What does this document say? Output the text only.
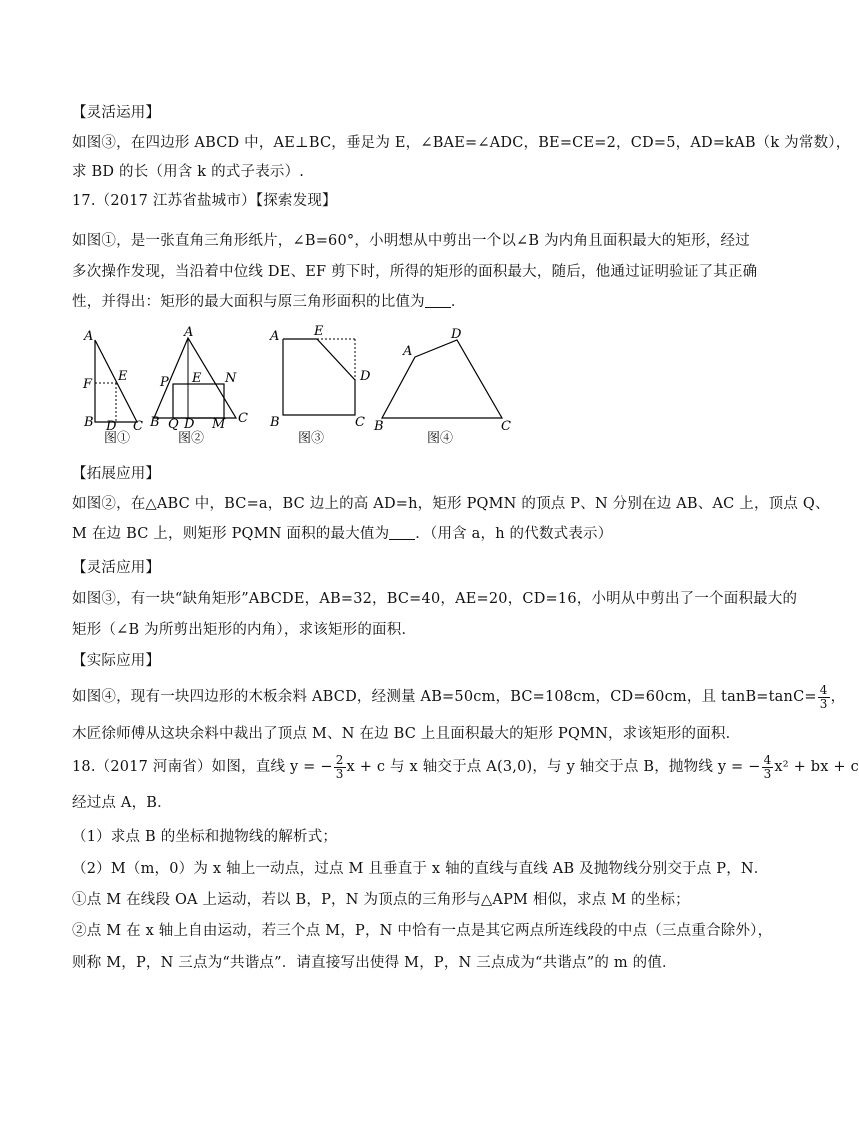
【灵活运用】
如图③，在四边形 ABCD 中，AE⊥BC，垂足为 E，∠BAE=∠ADC，BE=CE=2，CD=5，AD=kAB（k 为常数），
求 BD 的长（用含 k 的式子表示）.
17.（2017 江苏省盐城市）【探索发现】
如图①，是一张直角三角形纸片，∠B=60°，小明想从中剪出一个以∠B 为内角且面积最大的矩形，经过
多次操作发现，当沿着中位线 DE、EF 剪下时，所得的矩形的面积最大，随后，他通过证明验证了其正确
性，并得出：矩形的最大面积与原三角形面积的比值为 ．
A
F
E
B D C
A
P E N
B Q D M C
A	E
D
B	C
A
D
B	C
图①	图②	图③	图④
【拓展应用】
如图②，在△ABC 中，BC=a，BC 边上的高 AD=h，矩形 PQMN 的顶点 P、N 分别在边 AB、AC 上，顶点 Q、
M 在边 BC 上，则矩形 PQMN 面积的最大值为 ．（用含 a，h 的代数式表示）
【灵活应用】
如图③，有一块“缺角矩形”ABCDE，AB=32，BC=40，AE=20，CD=16，小明从中剪出了一个面积最大的
矩形（∠B 为所剪出矩形的内角），求该矩形的面积．
【实际应用】
如图④，现有一块四边形的木板余料 ABCD，经测量 AB=50cm，BC=108cm，CD=60cm，且 $\tan B=\tan C= \frac{4}{3}$ ，
木匠徐师傅从这块余料中裁出了顶点 M、N 在边 BC 上且面积最大的矩形 PQMN，求该矩形的面积．
18.（2017 河南省）如图，直线 y = − $\frac{2}{3}$ x + c 与 x 轴交于点 A(3,0)，与 y 轴交于点 B，抛物线 y = − $\frac{4}{3} x^2$ + bx + c
经过点 A，B．
（1）求点 B 的坐标和抛物线的解析式；
（2）M（m，0）为 x 轴上一动点，过点 M 且垂直于 x 轴的直线与直线 AB 及抛物线分别交于点 P，N．
①点 M 在线段 OA 上运动，若以 B，P，N 为顶点的三角形与△APM 相似，求点 M 的坐标；
②点 M 在 x 轴上自由运动，若三个点 M，P，N 中恰有一点是其它两点所连线段的中点（三点重合除外），
则称 M，P，N 三点为“共谐点”．请直接写出使得 M，P，N 三点成为“共谐点”的 m 的值．
